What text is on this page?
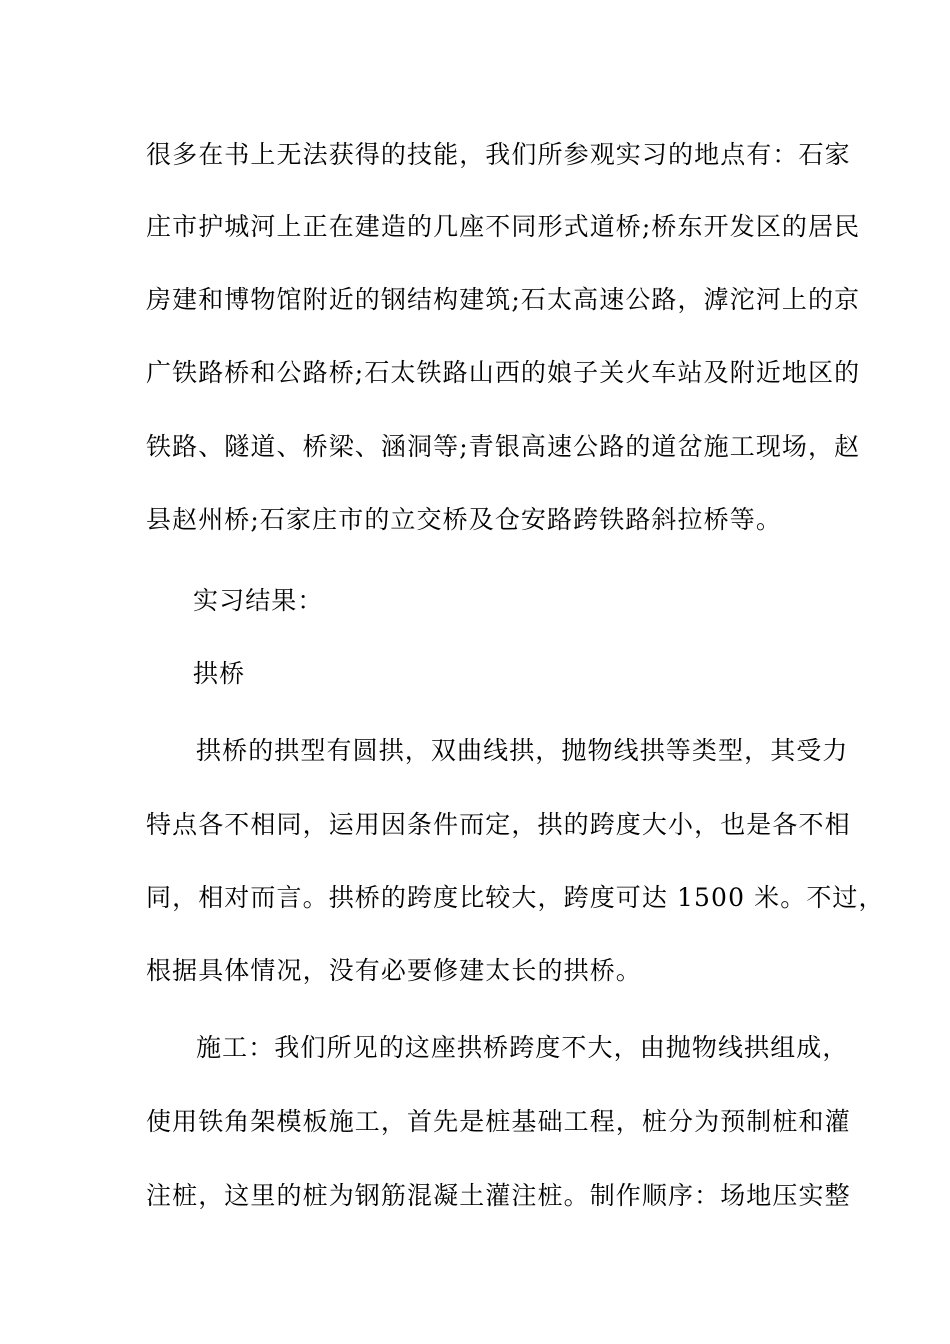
很多在书上无法获得的技能，我们所参观实习的地点有：石家
庄市护城河上正在建造的几座不同形式道桥;桥东开发区的居民
房建和博物馆附近的钢结构建筑;石太高速公路，滹沱河上的京
广铁路桥和公路桥;石太铁路山西的娘子关火车站及附近地区的
铁路、隧道、桥梁、涵洞等;青银高速公路的道岔施工现场，赵
县赵州桥;石家庄市的立交桥及仓安路跨铁路斜拉桥等。
实习结果：
拱桥
拱桥的拱型有圆拱，双曲线拱，抛物线拱等类型，其受力
特点各不相同，运用因条件而定，拱的跨度大小，也是各不相
同，相对而言。拱桥的跨度比较大，跨度可达 1500 米。不过，
根据具体情况，没有必要修建太长的拱桥。
施工：我们所见的这座拱桥跨度不大，由抛物线拱组成，
使用铁角架模板施工，首先是桩基础工程，桩分为预制桩和灌
注桩，这里的桩为钢筋混凝土灌注桩。制作顺序：场地压实整
